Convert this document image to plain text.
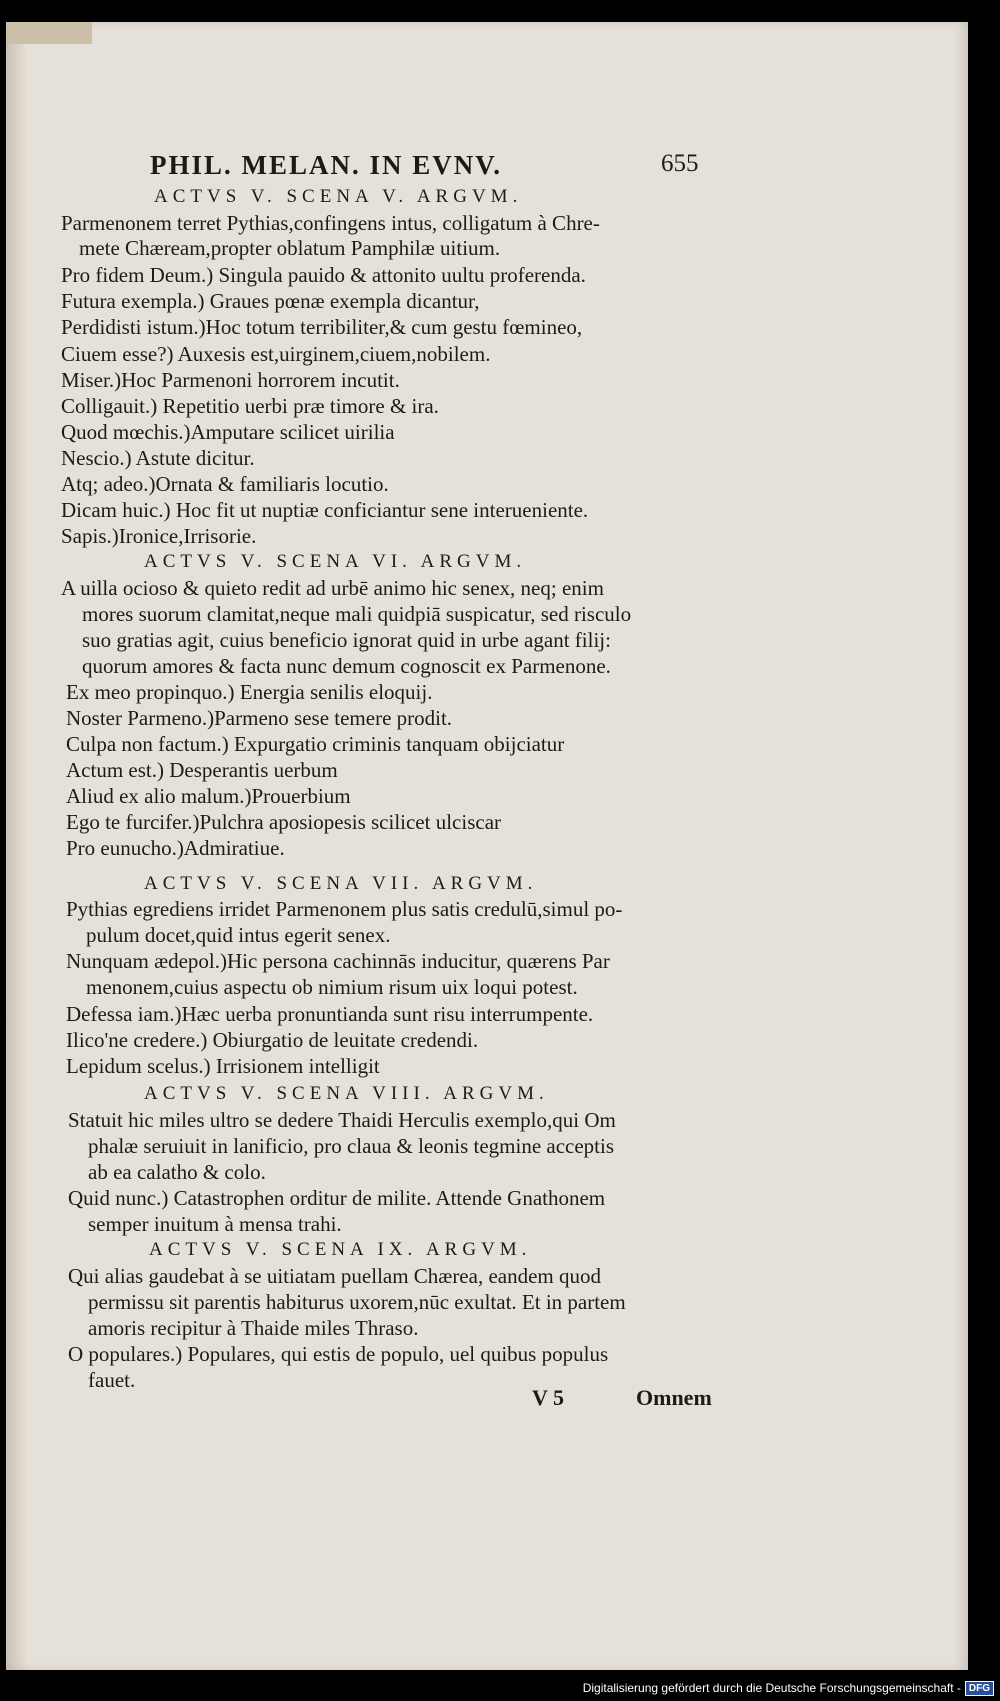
PHIL. MELAN. IN EVNV.	655
ACTVS V. SCENA V. ARGVM.
Parmenonem terret Pythias,confingens intus, colligatum à Chre-
mete Chæream,propter oblatum Pamphilæ uitium.
Pro fidem Deum.) Singula pauido & attonito uultu proferenda.
Futura exempla.) Graues pœnæ exempla dicantur,
Perdidisti istum.)Hoc totum terribiliter,& cum gestu fœmineo,
Ciuem esse?) Auxesis est,uirginem,ciuem,nobilem.
Miser.)Hoc Parmenoni horrorem incutit.
Colligauit.) Repetitio uerbi præ timore & ira.
Quod mœchis.)Amputare scilicet uirilia
Nescio.) Astute dicitur.
Atq; adeo.)Ornata & familiaris locutio.
Dicam huic.) Hoc fit ut nuptiæ conficiantur sene interueniente.
Sapis.)Ironice,Irrisorie.
ACTVS V. SCENA VI. ARGVM.
A uilla ocioso & quieto redit ad urbē animo hic senex, neq; enim
mores suorum clamitat,neque mali quidpiā suspicatur, sed risculo
suo gratias agit, cuius beneficio ignorat quid in urbe agant filij:
quorum amores & facta nunc demum cognoscit ex Parmenone.
Ex meo propinquo.) Energia senilis eloquij.
Noster Parmeno.)Parmeno sese temere prodit.
Culpa non factum.) Expurgatio criminis tanquam obijciatur
Actum est.) Desperantis uerbum
Aliud ex alio malum.)Prouerbium
Ego te furcifer.)Pulchra aposiopesis scilicet ulciscar
Pro eunucho.)Admiratiue.
ACTVS V. SCENA VII. ARGVM.
Pythias egrediens irridet Parmenonem plus satis credulū,simul po-
pulum docet,quid intus egerit senex.
Nunquam ædepol.)Hic persona cachinnās inducitur, quærens Par
menonem,cuius aspectu ob nimium risum uix loqui potest.
Defessa iam.)Hæc uerba pronuntianda sunt risu interrumpente.
Ilico'ne credere.) Obiurgatio de leuitate credendi.
Lepidum scelus.) Irrisionem intelligit
ACTVS V. SCENA VIII. ARGVM.
Statuit hic miles ultro se dedere Thaidi Herculis exemplo,qui Om
phalæ seruiuit in lanificio, pro claua & leonis tegmine acceptis
ab ea calatho & colo.
Quid nunc.) Catastrophen orditur de milite. Attende Gnathonem
semper inuitum à mensa trahi.
ACTVS V. SCENA IX. ARGVM.
Qui alias gaudebat à se uitiatam puellam Chærea, eandem quod
permissu sit parentis habiturus uxorem,nūc exultat. Et in partem
amoris recipitur à Thaide miles Thraso.
O populares.) Populares, qui estis de populo, uel quibus populus
fauet.
V 5	Omnem
Digitalisierung gefördert durch die Deutsche Forschungsgemeinschaft - DFG
